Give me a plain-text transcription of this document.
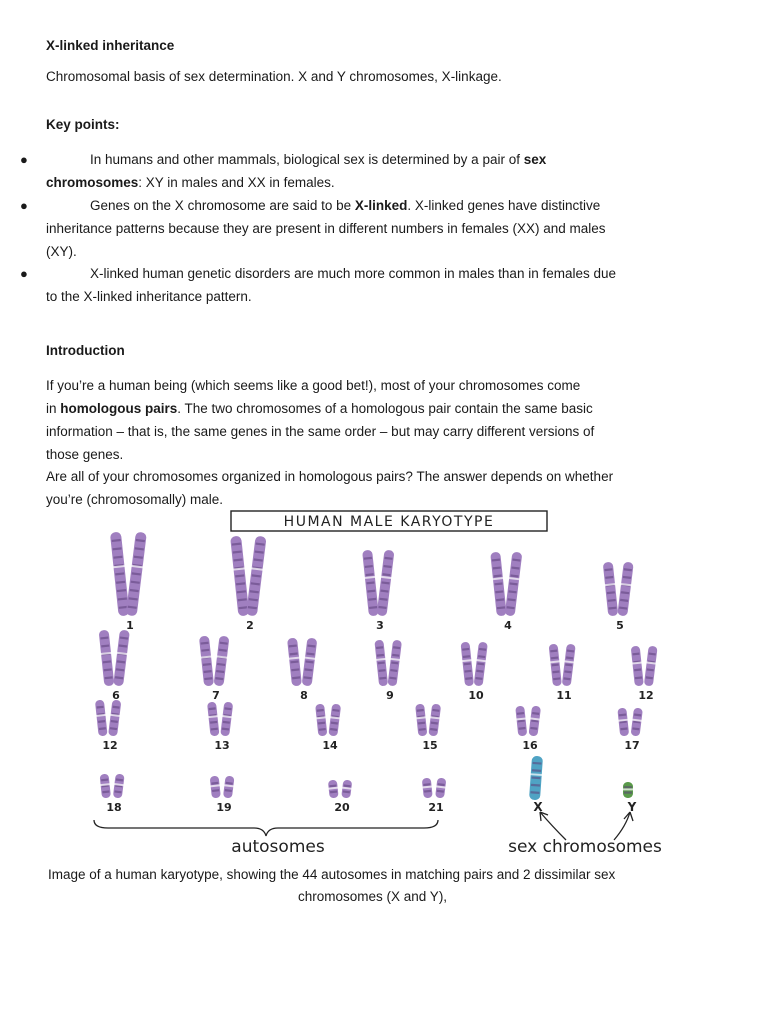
X-linked inheritance
Chromosomal basis of sex determination. X and Y chromosomes, X-linkage.
Key points:
●	In humans and other mammals, biological sex is determined by a pair of sex
chromosomes: XY in males and XX in females.
●	Genes on the X chromosome are said to be X-linked. X-linked genes have distinctive
inheritance patterns because they are present in different numbers in females (XX) and males
(XY).
●	X-linked human genetic disorders are much more common in males than in females due
to the X-linked inheritance pattern.
Introduction
If you’re a human being (which seems like a good bet!), most of your chromosomes come
in homologous pairs. The two chromosomes of a homologous pair contain the same basic
information – that is, the same genes in the same order – but may carry different versions of
those genes.
Are all of your chromosomes organized in homologous pairs? The answer depends on whether
you’re (chromosomally) male.
HUMAN MALE KARYOTYPE
autosomes	sex chromosomes
1	2	3	4	5
6	7	8	9	10	11	12
12	13	14	15	16	17
18	19	20	21	X	Y
Image of a human karyotype, showing the 44 autosomes in matching pairs and 2 dissimilar sex
chromosomes (X and Y),
